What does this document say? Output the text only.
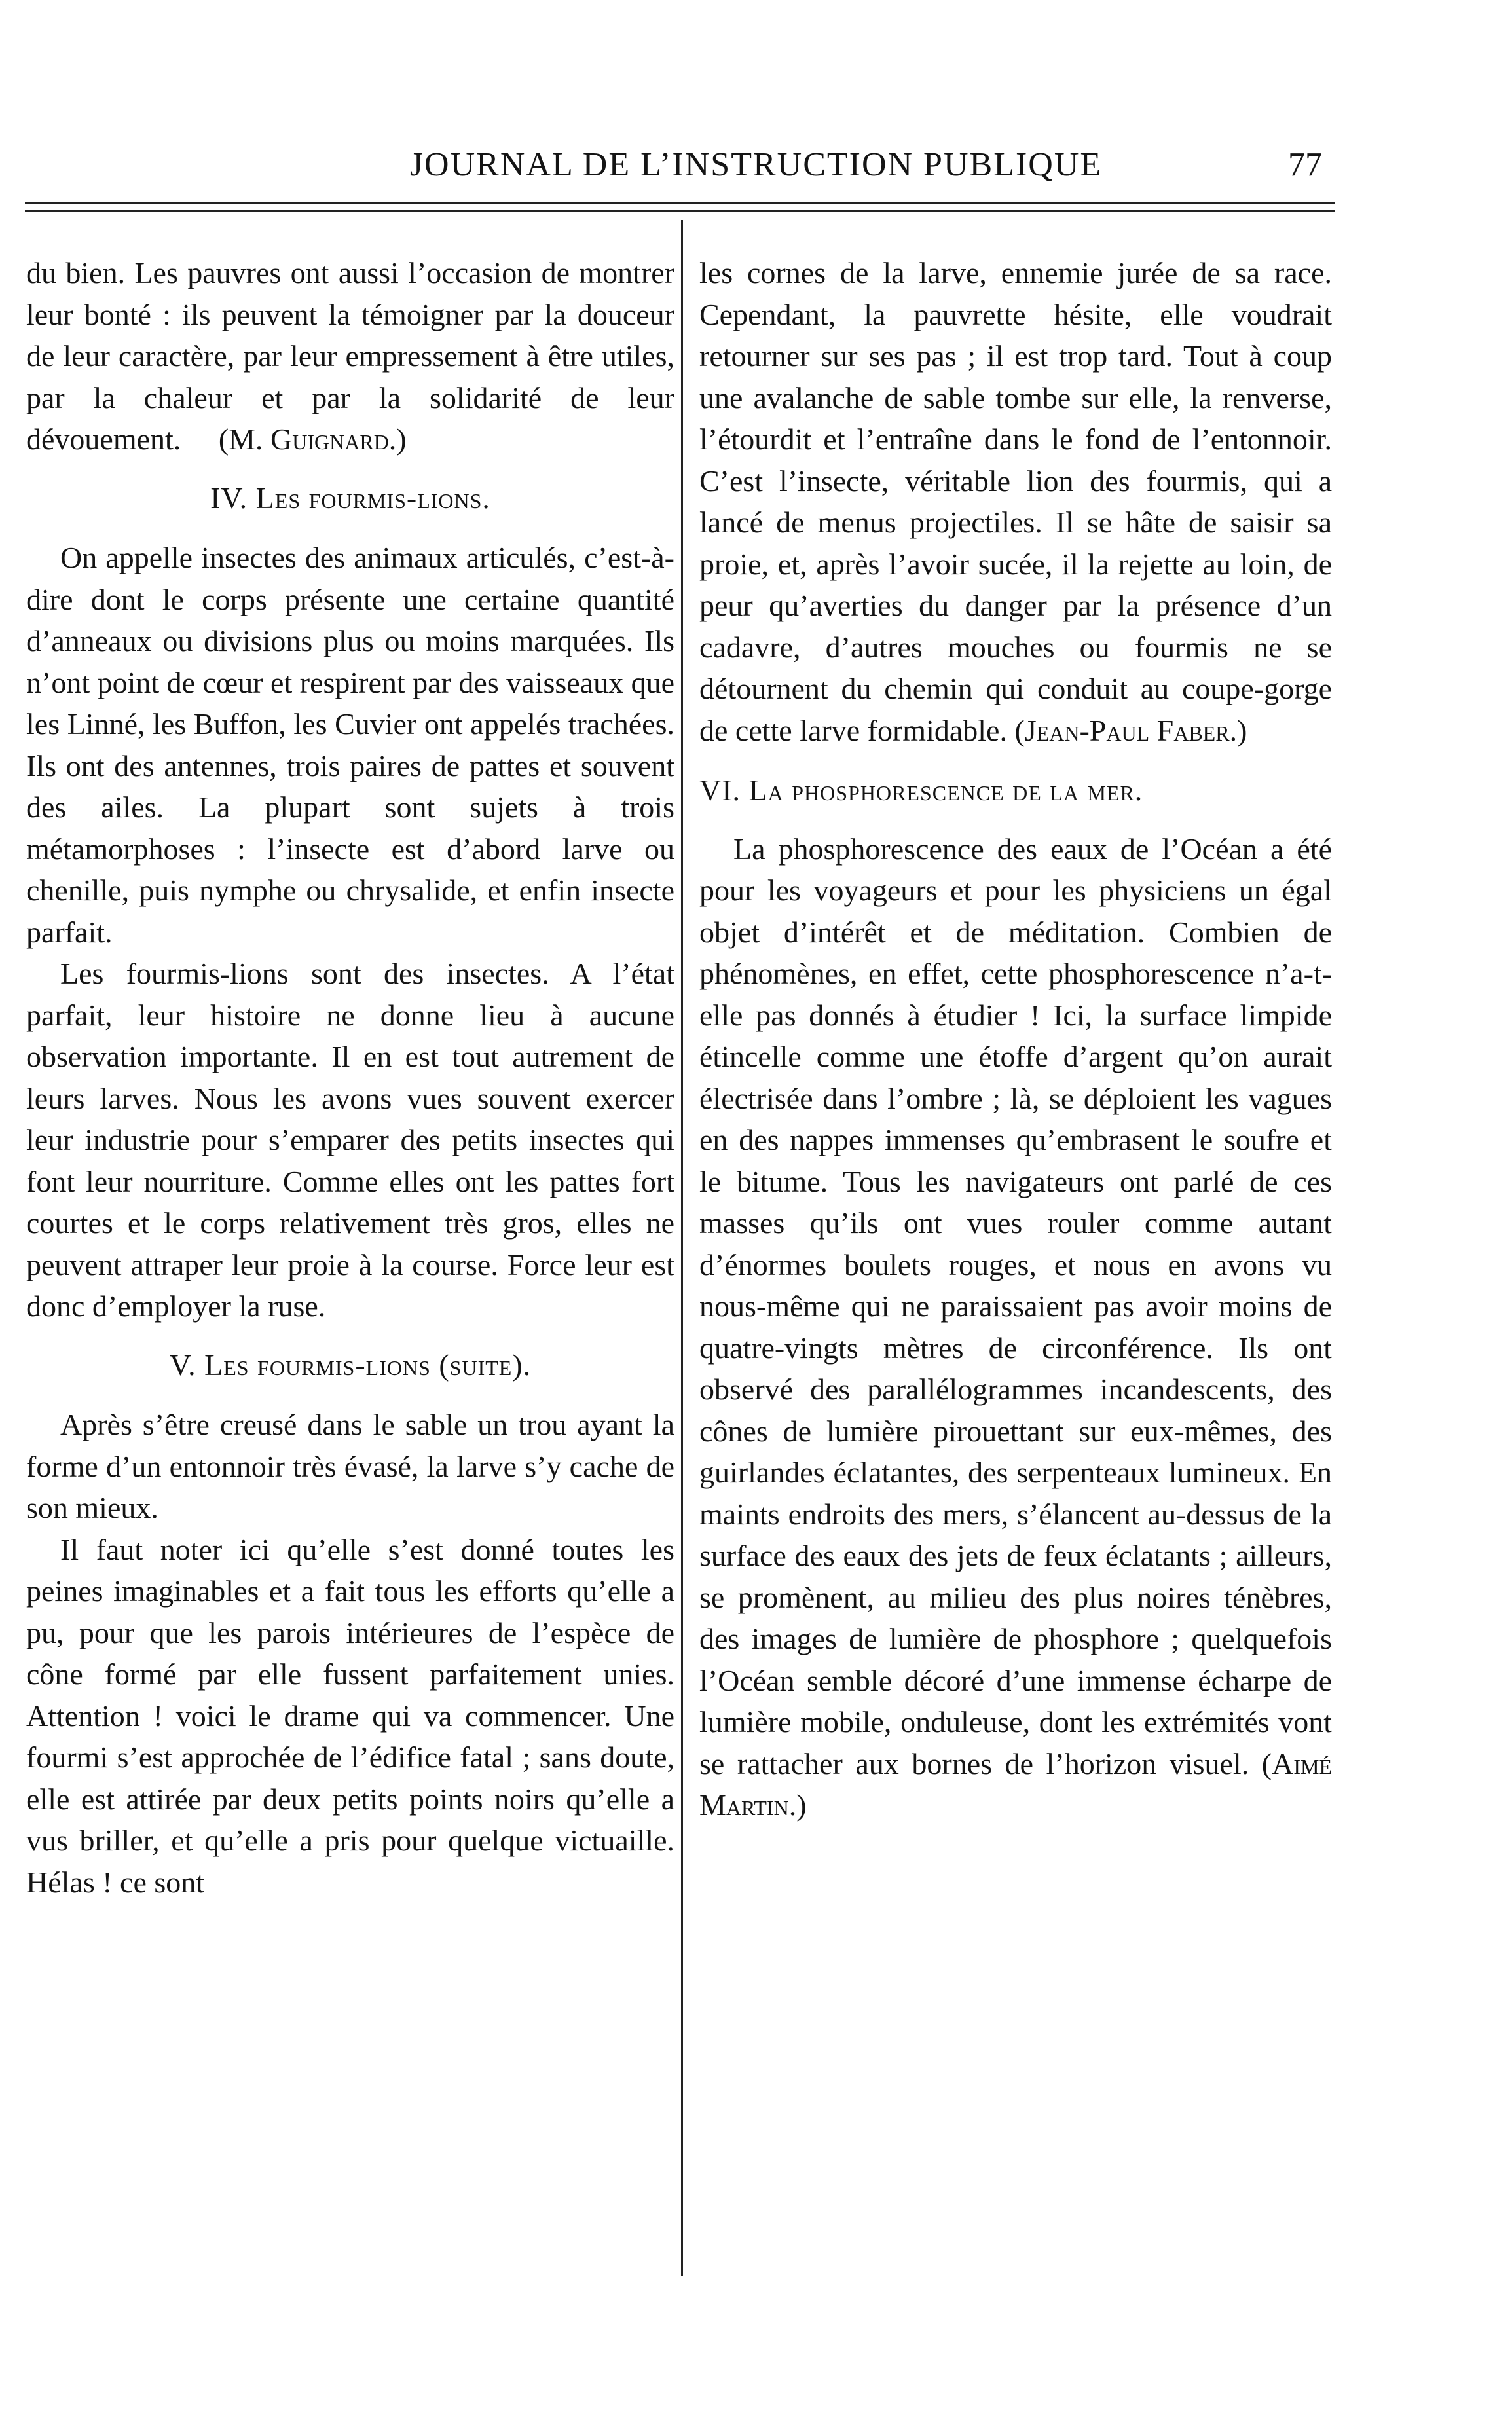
JOURNAL DE L’INSTRUCTION PUBLIQUE	77

du bien. Les pauvres ont aussi l’occasion de montrer leur bonté : ils peuvent la témoigner par la douceur de leur caractère, par leur empressement à être utiles, par la chaleur et par la solidarité de leur dévouement. (M. Guignard.)

IV. Les fourmis-lions.

On appelle insectes des animaux articulés, c’est-à-dire dont le corps présente une certaine quantité d’anneaux ou divisions plus ou moins marquées. Ils n’ont point de cœur et respirent par des vaisseaux que les Linné, les Buffon, les Cuvier ont appelés trachées. Ils ont des antennes, trois paires de pattes et souvent des ailes. La plupart sont sujets à trois métamorphoses : l’insecte est d’abord larve ou chenille, puis nymphe ou chrysalide, et enfin insecte parfait.

Les fourmis-lions sont des insectes. A l’état parfait, leur histoire ne donne lieu à aucune observation importante. Il en est tout autrement de leurs larves. Nous les avons vues souvent exercer leur industrie pour s’emparer des petits insectes qui font leur nourriture. Comme elles ont les pattes fort courtes et le corps relativement très gros, elles ne peuvent attraper leur proie à la course. Force leur est donc d’employer la ruse.

V. Les fourmis-lions (suite).

Après s’être creusé dans le sable un trou ayant la forme d’un entonnoir très évasé, la larve s’y cache de son mieux.

Il faut noter ici qu’elle s’est donné toutes les peines imaginables et a fait tous les efforts qu’elle a pu, pour que les parois intérieures de l’espèce de cône formé par elle fussent parfaitement unies. Attention ! voici le drame qui va commencer. Une fourmi s’est approchée de l’édifice fatal ; sans doute, elle est attirée par deux petits points noirs qu’elle a vus briller, et qu’elle a pris pour quelque victuaille. Hélas ! ce sont

les cornes de la larve, ennemie jurée de sa race. Cependant, la pauvrette hésite, elle voudrait retourner sur ses pas ; il est trop tard. Tout à coup une avalanche de sable tombe sur elle, la renverse, l’étourdit et l’entraîne dans le fond de l’entonnoir. C’est l’insecte, véritable lion des fourmis, qui a lancé de menus projectiles. Il se hâte de saisir sa proie, et, après l’avoir sucée, il la rejette au loin, de peur qu’averties du danger par la présence d’un cadavre, d’autres mouches ou fourmis ne se détournent du chemin qui conduit au coupe-gorge de cette larve formidable. (Jean-Paul Faber.)

VI. La phosphorescence de la mer.

La phosphorescence des eaux de l’Océan a été pour les voyageurs et pour les physiciens un égal objet d’intérêt et de méditation. Combien de phénomènes, en effet, cette phosphorescence n’a-t-elle pas donnés à étudier ! Ici, la surface limpide étincelle comme une étoffe d’argent qu’on aurait électrisée dans l’ombre ; là, se déploient les vagues en des nappes immenses qu’embrasent le soufre et le bitume. Tous les navigateurs ont parlé de ces masses qu’ils ont vues rouler comme autant d’énormes boulets rouges, et nous en avons vu nous-même qui ne paraissaient pas avoir moins de quatre-vingts mètres de circonférence. Ils ont observé des parallélogrammes incandescents, des cônes de lumière pirouettant sur eux-mêmes, des guirlandes éclatantes, des serpenteaux lumineux. En maints endroits des mers, s’élancent au-dessus de la surface des eaux des jets de feux éclatants ; ailleurs, se promènent, au milieu des plus noires ténèbres, des images de lumière de phosphore ; quelquefois l’Océan semble décoré d’une immense écharpe de lumière mobile, onduleuse, dont les extrémités vont se rattacher aux bornes de l’horizon visuel. (Aimé Martin.)
